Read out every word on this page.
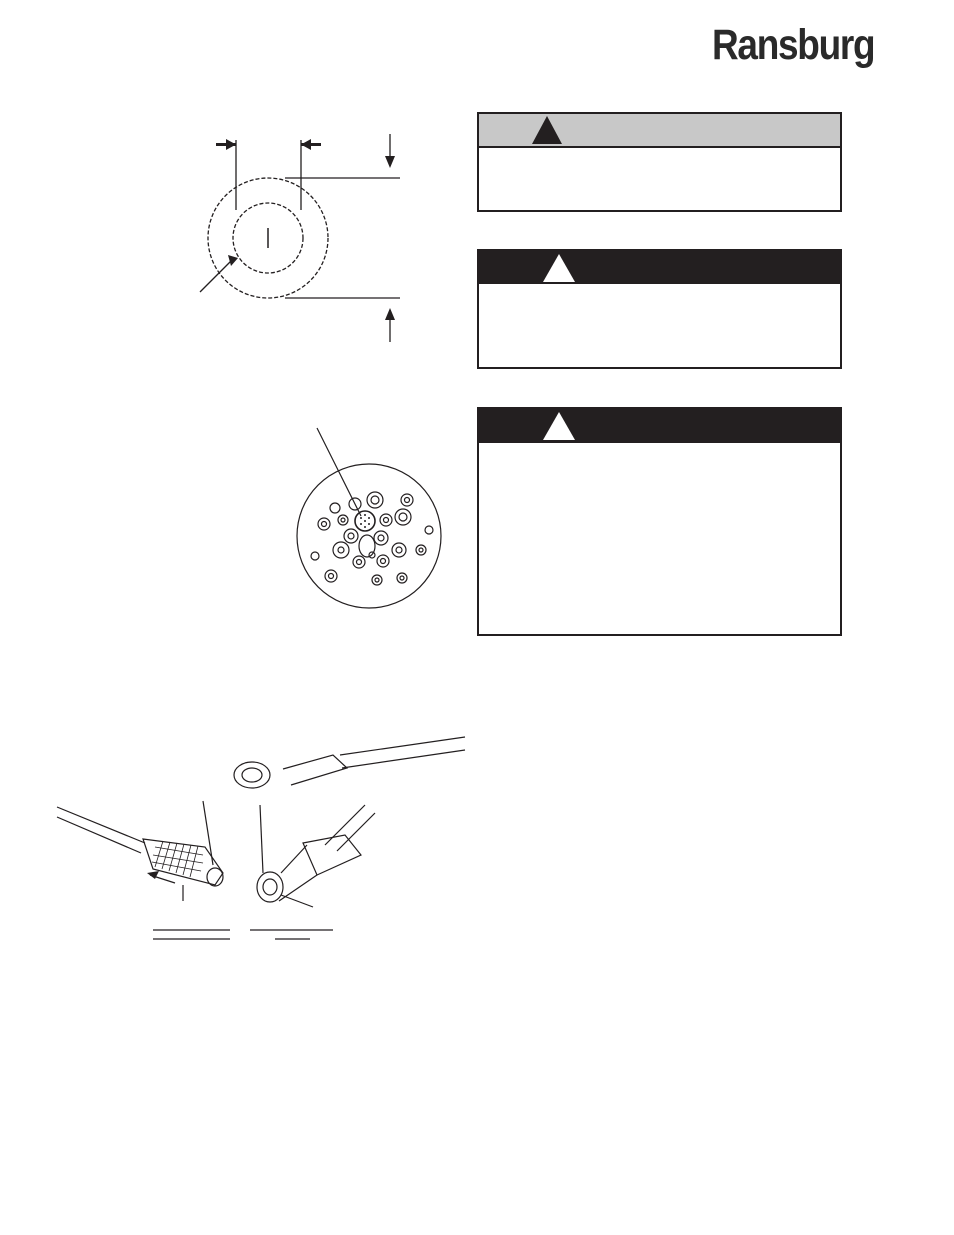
Ransburg
